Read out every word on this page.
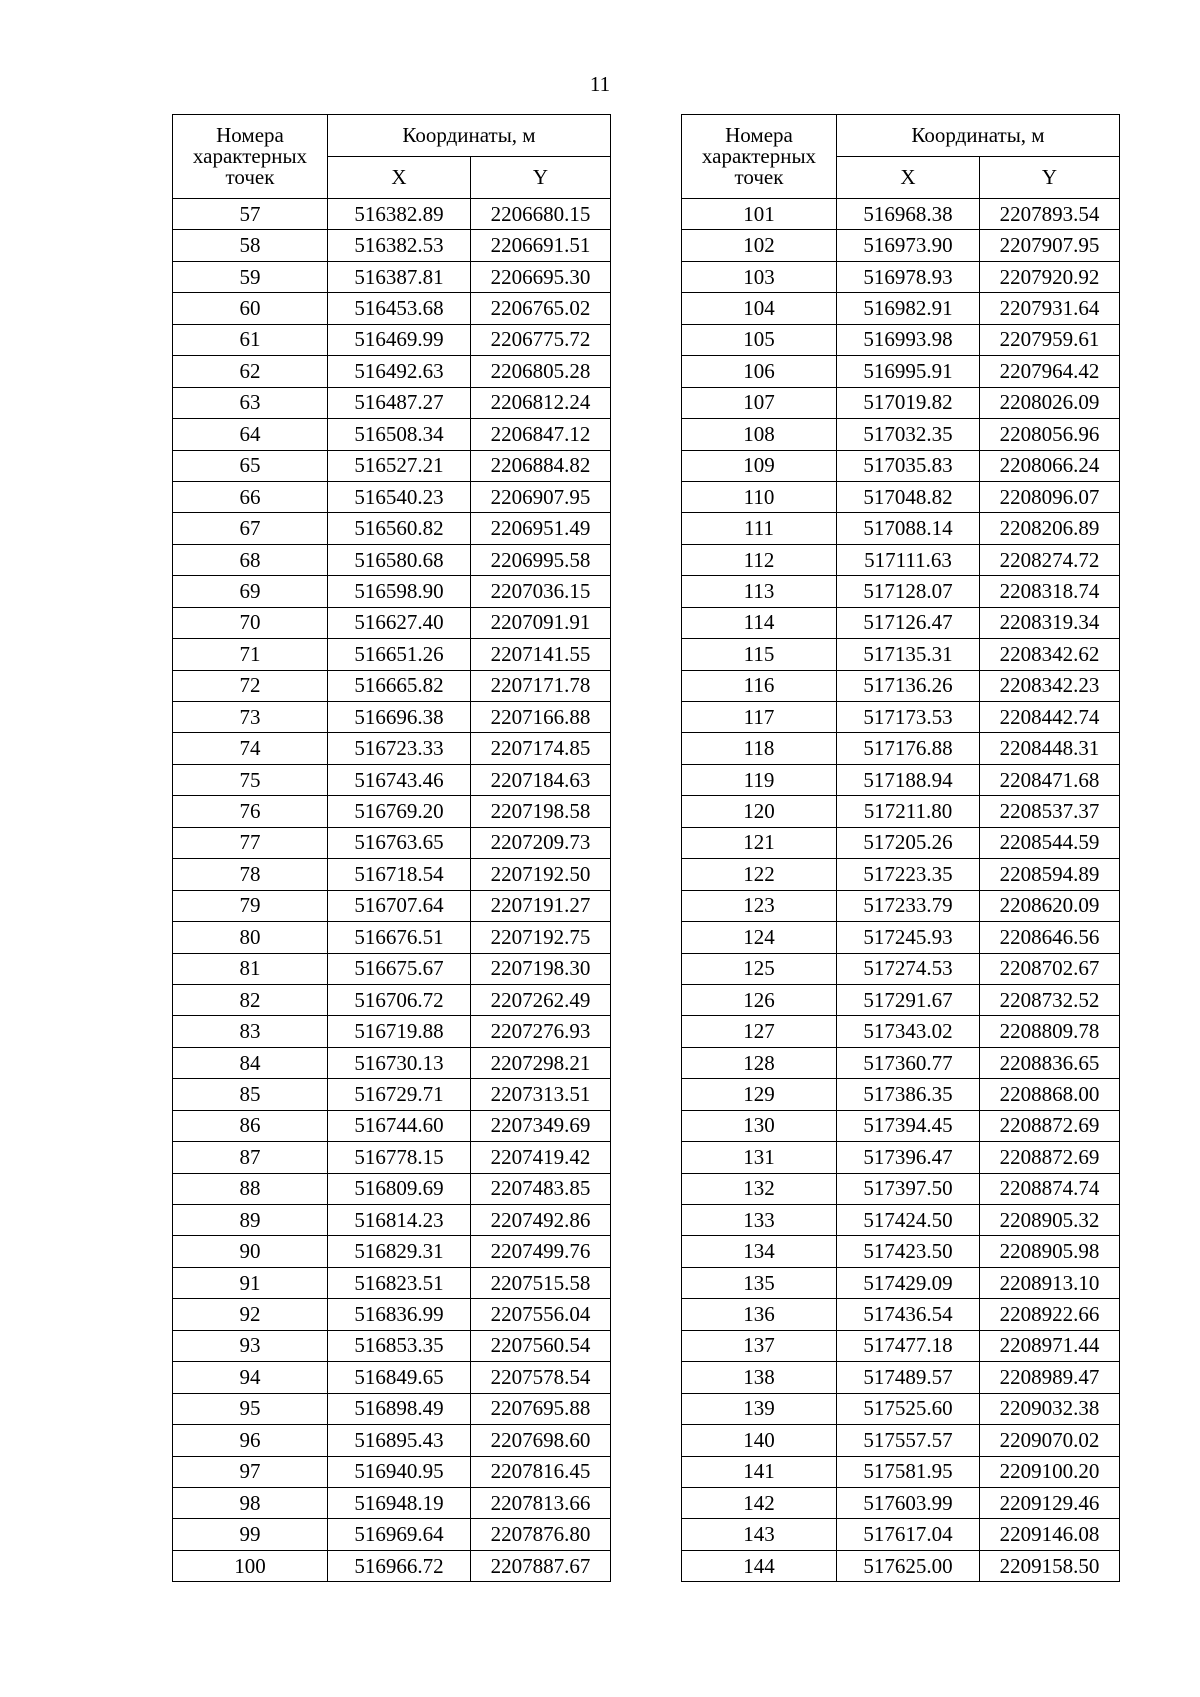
11
Номера характерных точек	Координаты, м	
	X	Y
57	516382.89	2206680.15
58	516382.53	2206691.51
59	516387.81	2206695.30
60	516453.68	2206765.02
61	516469.99	2206775.72
62	516492.63	2206805.28
63	516487.27	2206812.24
64	516508.34	2206847.12
65	516527.21	2206884.82
66	516540.23	2206907.95
67	516560.82	2206951.49
68	516580.68	2206995.58
69	516598.90	2207036.15
70	516627.40	2207091.91
71	516651.26	2207141.55
72	516665.82	2207171.78
73	516696.38	2207166.88
74	516723.33	2207174.85
75	516743.46	2207184.63
76	516769.20	2207198.58
77	516763.65	2207209.73
78	516718.54	2207192.50
79	516707.64	2207191.27
80	516676.51	2207192.75
81	516675.67	2207198.30
82	516706.72	2207262.49
83	516719.88	2207276.93
84	516730.13	2207298.21
85	516729.71	2207313.51
86	516744.60	2207349.69
87	516778.15	2207419.42
88	516809.69	2207483.85
89	516814.23	2207492.86
90	516829.31	2207499.76
91	516823.51	2207515.58
92	516836.99	2207556.04
93	516853.35	2207560.54
94	516849.65	2207578.54
95	516898.49	2207695.88
96	516895.43	2207698.60
97	516940.95	2207816.45
98	516948.19	2207813.66
99	516969.64	2207876.80
100	516966.72	2207887.67
Номера характерных точек	Координаты, м	
	X	Y
101	516968.38	2207893.54
102	516973.90	2207907.95
103	516978.93	2207920.92
104	516982.91	2207931.64
105	516993.98	2207959.61
106	516995.91	2207964.42
107	517019.82	2208026.09
108	517032.35	2208056.96
109	517035.83	2208066.24
110	517048.82	2208096.07
111	517088.14	2208206.89
112	517111.63	2208274.72
113	517128.07	2208318.74
114	517126.47	2208319.34
115	517135.31	2208342.62
116	517136.26	2208342.23
117	517173.53	2208442.74
118	517176.88	2208448.31
119	517188.94	2208471.68
120	517211.80	2208537.37
121	517205.26	2208544.59
122	517223.35	2208594.89
123	517233.79	2208620.09
124	517245.93	2208646.56
125	517274.53	2208702.67
126	517291.67	2208732.52
127	517343.02	2208809.78
128	517360.77	2208836.65
129	517386.35	2208868.00
130	517394.45	2208872.69
131	517396.47	2208872.69
132	517397.50	2208874.74
133	517424.50	2208905.32
134	517423.50	2208905.98
135	517429.09	2208913.10
136	517436.54	2208922.66
137	517477.18	2208971.44
138	517489.57	2208989.47
139	517525.60	2209032.38
140	517557.57	2209070.02
141	517581.95	2209100.20
142	517603.99	2209129.46
143	517617.04	2209146.08
144	517625.00	2209158.50
